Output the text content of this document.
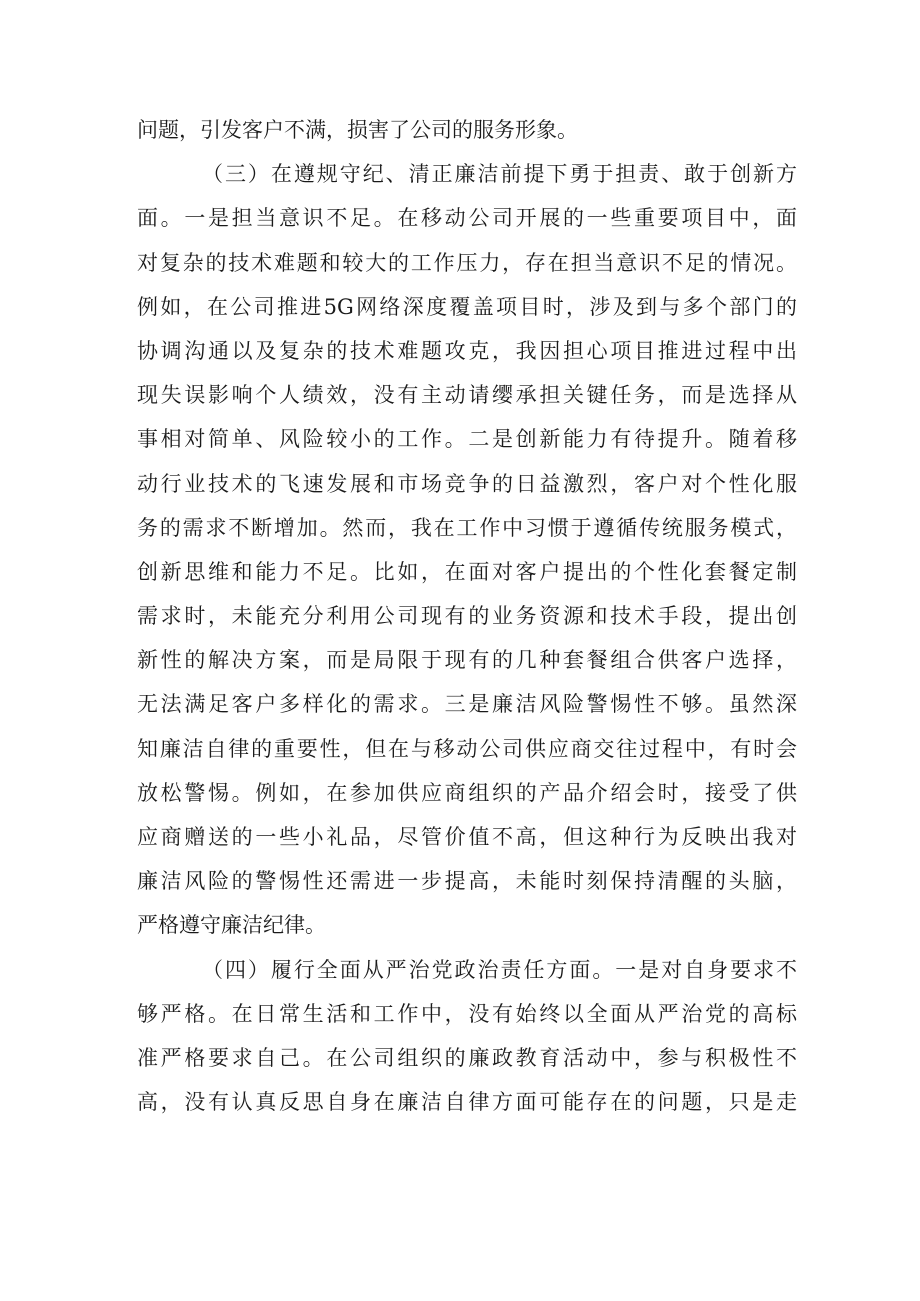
问题，引发客户不满，损害了公司的服务形象。
（三）在遵规守纪、清正廉洁前提下勇于担责、敢于创新方
面。一是担当意识不足。在移动公司开展的一些重要项目中，面
对复杂的技术难题和较大的工作压力，存在担当意识不足的情况。
例如，在公司推进5G网络深度覆盖项目时，涉及到与多个部门的
协调沟通以及复杂的技术难题攻克，我因担心项目推进过程中出
现失误影响个人绩效，没有主动请缨承担关键任务，而是选择从
事相对简单、风险较小的工作。二是创新能力有待提升。随着移
动行业技术的飞速发展和市场竞争的日益激烈，客户对个性化服
务的需求不断增加。然而，我在工作中习惯于遵循传统服务模式，
创新思维和能力不足。比如，在面对客户提出的个性化套餐定制
需求时，未能充分利用公司现有的业务资源和技术手段，提出创
新性的解决方案，而是局限于现有的几种套餐组合供客户选择，
无法满足客户多样化的需求。三是廉洁风险警惕性不够。虽然深
知廉洁自律的重要性，但在与移动公司供应商交往过程中，有时会
放松警惕。例如，在参加供应商组织的产品介绍会时，接受了供
应商赠送的一些小礼品，尽管价值不高，但这种行为反映出我对
廉洁风险的警惕性还需进一步提高，未能时刻保持清醒的头脑，
严格遵守廉洁纪律。
（四）履行全面从严治党政治责任方面。一是对自身要求不
够严格。在日常生活和工作中，没有始终以全面从严治党的高标
准严格要求自己。在公司组织的廉政教育活动中，参与积极性不
高，没有认真反思自身在廉洁自律方面可能存在的问题，只是走
